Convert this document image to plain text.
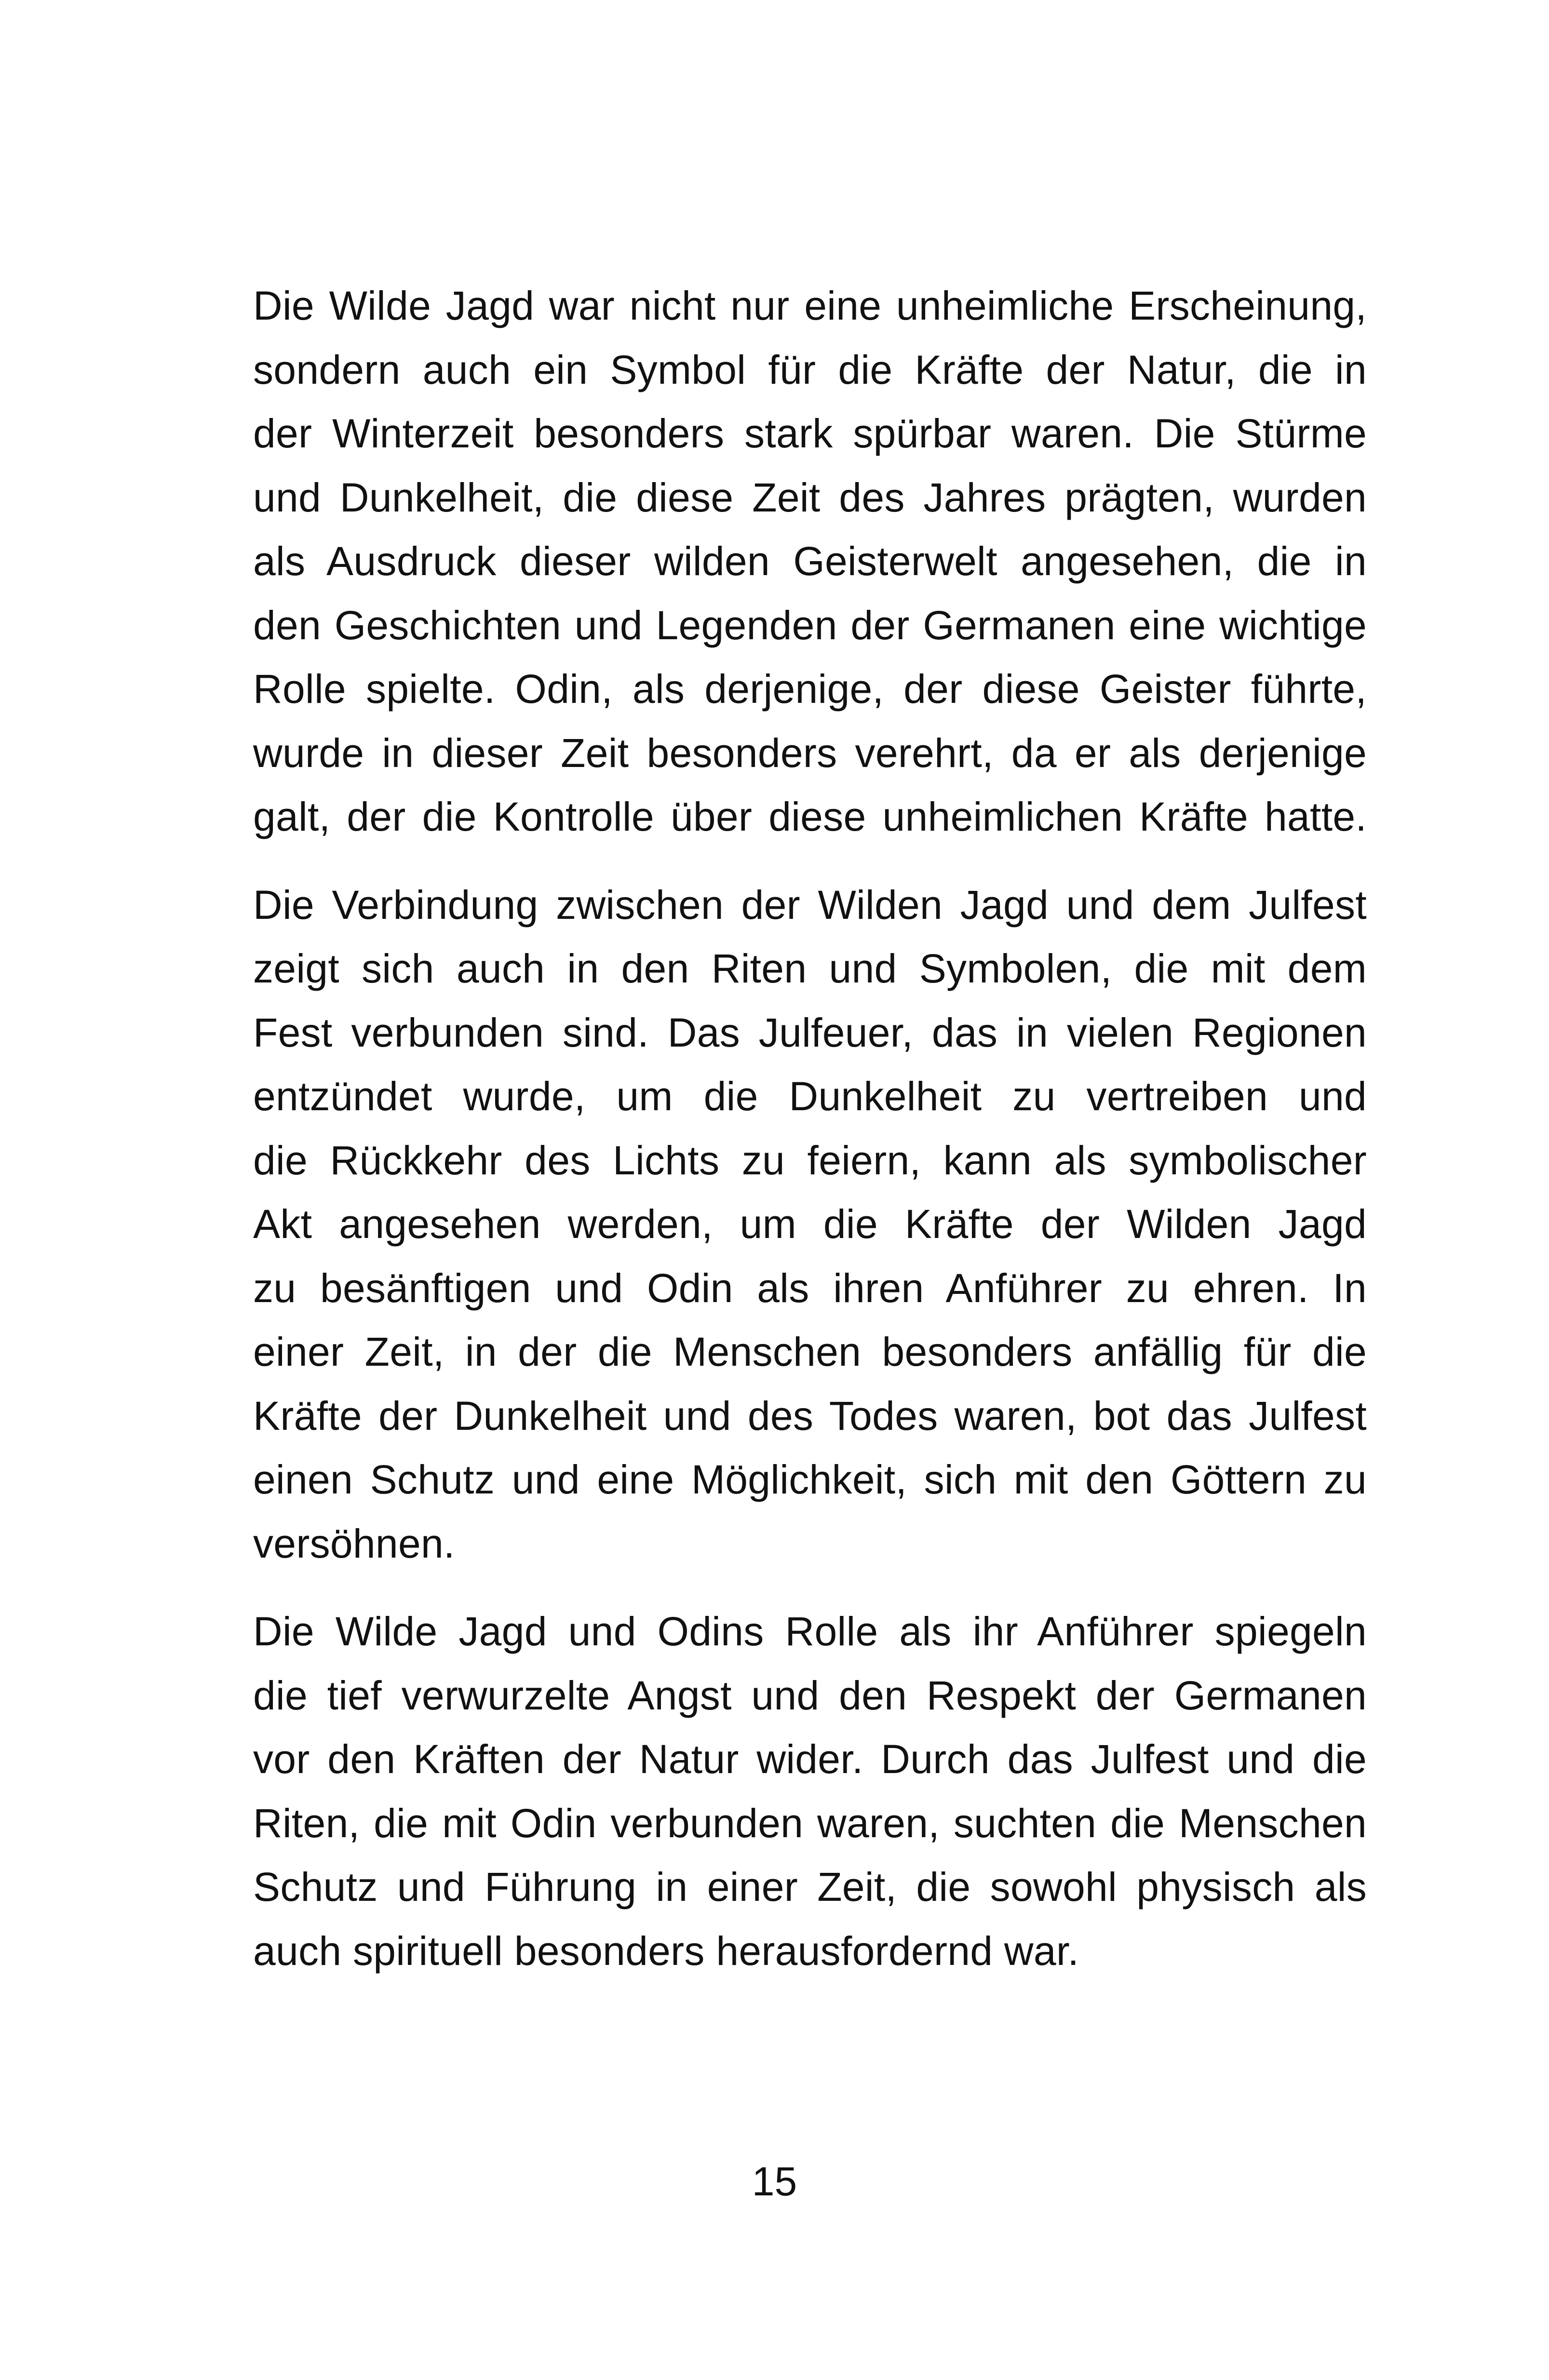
Die Wilde Jagd war nicht nur eine unheimliche Erscheinung,
sondern auch ein Symbol für die Kräfte der Natur, die in
der Winterzeit besonders stark spürbar waren. Die Stürme
und Dunkelheit, die diese Zeit des Jahres prägten, wurden
als Ausdruck dieser wilden Geisterwelt angesehen, die in
den Geschichten und Legenden der Germanen eine wichtige
Rolle spielte. Odin, als derjenige, der diese Geister führte,
wurde in dieser Zeit besonders verehrt, da er als derjenige
galt, der die Kontrolle über diese unheimlichen Kräfte hatte.
Die Verbindung zwischen der Wilden Jagd und dem Julfest
zeigt sich auch in den Riten und Symbolen, die mit dem
Fest verbunden sind. Das Julfeuer, das in vielen Regionen
entzündet wurde, um die Dunkelheit zu vertreiben und
die Rückkehr des Lichts zu feiern, kann als symbolischer
Akt angesehen werden, um die Kräfte der Wilden Jagd
zu besänftigen und Odin als ihren Anführer zu ehren. In
einer Zeit, in der die Menschen besonders anfällig für die
Kräfte der Dunkelheit und des Todes waren, bot das Julfest
einen Schutz und eine Möglichkeit, sich mit den Göttern zu
versöhnen.
Die Wilde Jagd und Odins Rolle als ihr Anführer spiegeln
die tief verwurzelte Angst und den Respekt der Germanen
vor den Kräften der Natur wider. Durch das Julfest und die
Riten, die mit Odin verbunden waren, suchten die Menschen
Schutz und Führung in einer Zeit, die sowohl physisch als
auch spirituell besonders herausfordernd war.
15
